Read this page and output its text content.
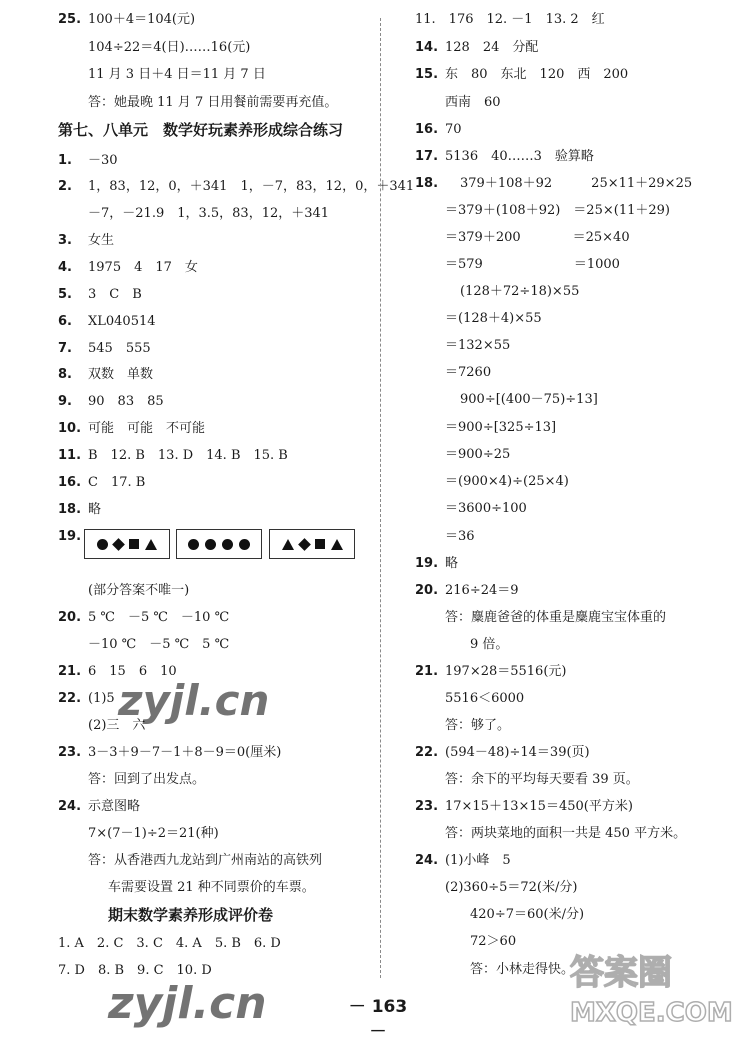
25. 100＋4＝104(元)
104÷22＝4(日)……16(元)
11 月 3 日＋4 日＝11 月 7 日
答：她最晚 11 月 7 日用餐前需要再充值。
第七、八单元　数学好玩素养形成综合练习
1. －30
2. 1，83，12，0，＋341　1，－7，83，12，0，＋341
－7，－21.9　1，3.5，83，12，＋341
3. 女生
4. 1975　4　17　女
5. 3　C　B
6. XL040514
7. 545　555
8. 双数　单数
9. 90　83　85
10. 可能　可能　不可能
11. B　12. B　13. D　14. B　15. B
16. C　17. B
18. 略
19.
(部分答案不唯一)
20. 5 ℃　－5 ℃　－10 ℃
－10 ℃　－5 ℃　5 ℃
21. 6　15　6　10
22. (1)5
(2)三　六
23. 3－3＋9－7－1＋8－9＝0(厘米)
答：回到了出发点。
24. 示意图略
7×(7－1)÷2＝21(种)
答：从香港西九龙站到广州南站的高铁列
车需要设置 21 种不同票价的车票。
期末数学素养形成评价卷
1. A　2. C　3. C　4. A　5. B　6. D
7. D　8. B　9. C　10. D
11.　176　12. －1　13. 2　红
14. 128　24　分配
15. 东　80　东北　120　西　200
西南　60
16. 70
17. 5136　40……3　验算略
18. 379＋108＋92　　　25×11＋29×25
＝379＋(108＋92)　＝25×(11＋29)
＝379＋200　　　　＝25×40
＝579　　　　　　　＝1000
(128＋72÷18)×55
＝(128＋4)×55
＝132×55
＝7260
900÷[(400－75)÷13]
＝900÷[325÷13]
＝900÷25
＝(900×4)÷(25×4)
＝3600÷100
＝36
19. 略
20. 216÷24＝9
答：麋鹿爸爸的体重是麋鹿宝宝体重的
9 倍。
21. 197×28＝5516(元)
5516＜6000
答：够了。
22. (594－48)÷14＝39(页)
答：余下的平均每天要看 39 页。
23. 17×15＋13×15＝450(平方米)
答：两块菜地的面积一共是 450 平方米。
24. (1)小峰　5
(2)360÷5＝72(米/分)
420÷7＝60(米/分)
72＞60
答：小林走得快。
－ 163 －
zyjl.cn
zyjl.cn
答案圈
MXQE.COM
